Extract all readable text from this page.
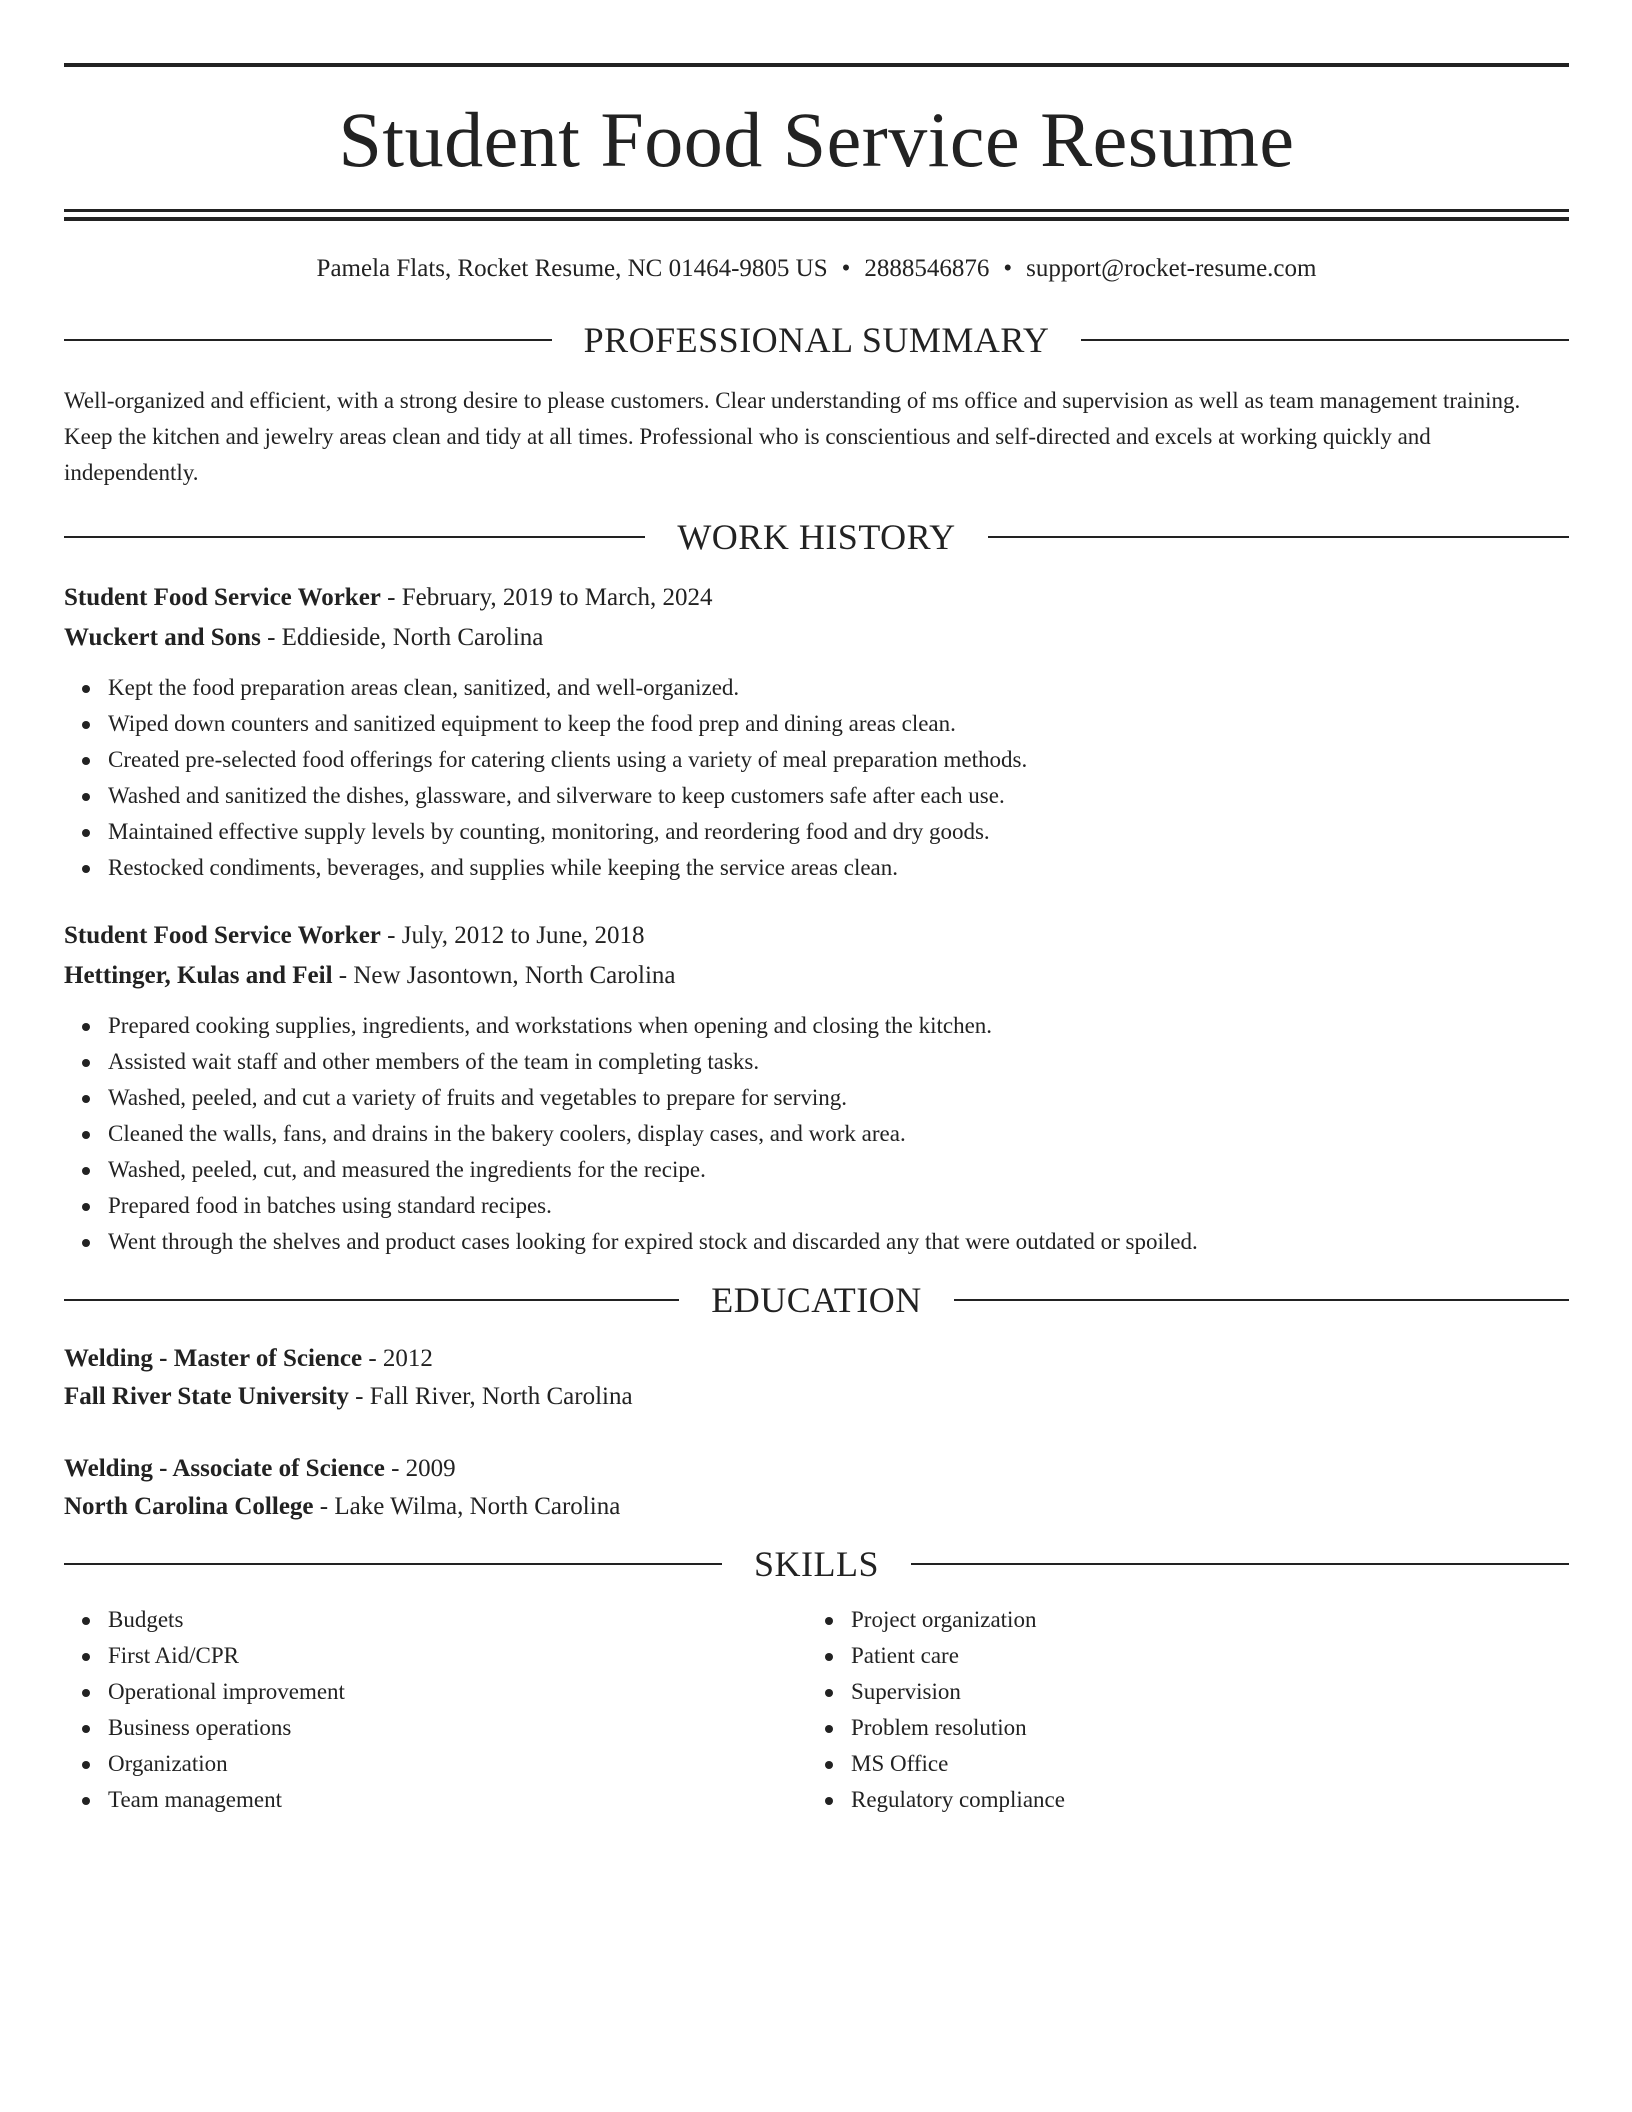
Student Food Service Resume
Pamela Flats, Rocket Resume, NC 01464-9805 US • 2888546876 • support@rocket-resume.com
PROFESSIONAL SUMMARY

Well-organized and efficient, with a strong desire to please customers. Clear understanding of ms office and supervision as well as team management training. Keep the kitchen and jewelry areas clean and tidy at all times. Professional who is conscientious and self-directed and excels at working quickly and independently.

WORK HISTORY

Student Food Service Worker - February, 2019 to March, 2024

Wuckert and Sons - Eddieside, North Carolina

Kept the food preparation areas clean, sanitized, and well-organized.
Wiped down counters and sanitized equipment to keep the food prep and dining areas clean.
Created pre-selected food offerings for catering clients using a variety of meal preparation methods.
Washed and sanitized the dishes, glassware, and silverware to keep customers safe after each use.
Maintained effective supply levels by counting, monitoring, and reordering food and dry goods.
Restocked condiments, beverages, and supplies while keeping the service areas clean.

Student Food Service Worker - July, 2012 to June, 2018

Hettinger, Kulas and Feil - New Jasontown, North Carolina

Prepared cooking supplies, ingredients, and workstations when opening and closing the kitchen.
Assisted wait staff and other members of the team in completing tasks.
Washed, peeled, and cut a variety of fruits and vegetables to prepare for serving.
Cleaned the walls, fans, and drains in the bakery coolers, display cases, and work area.
Washed, peeled, cut, and measured the ingredients for the recipe.
Prepared food in batches using standard recipes.
Went through the shelves and product cases looking for expired stock and discarded any that were outdated or spoiled.
EDUCATION

Welding - Master of Science - 2012

Fall River State University - Fall River, North Carolina

Welding - Associate of Science - 2009

North Carolina College - Lake Wilma, North Carolina

SKILLS
Budgets
First Aid/CPR
Operational improvement
Business operations
Organization
Team management
Project organization
Patient care
Supervision
Problem resolution
MS Office
Regulatory compliance
